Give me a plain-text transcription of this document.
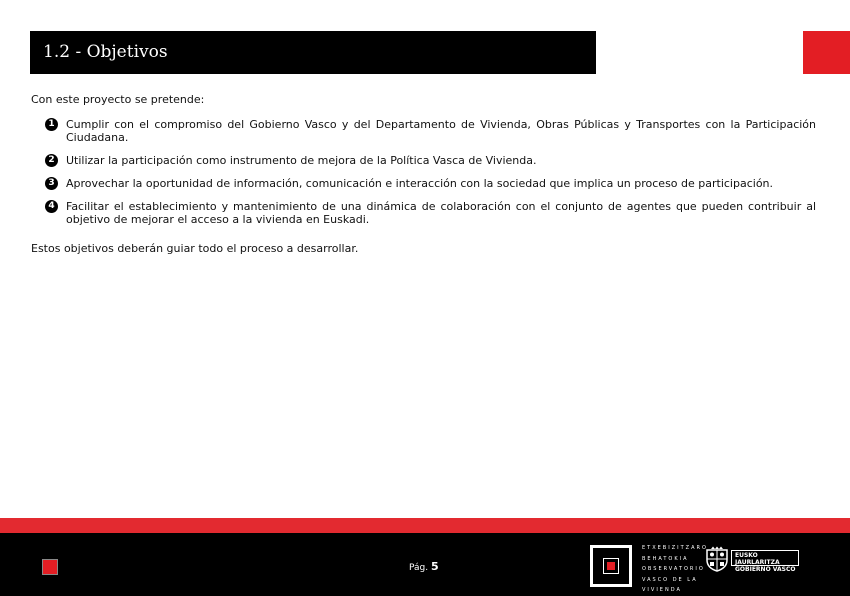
1.2 - Objetivos

Con este proyecto se pretende:

1	Cumplir con el compromiso del Gobierno Vasco y del Departamento de Vivienda, Obras Públicas y Transportes con la Participación Ciudadana.
2	Utilizar la participación como instrumento de mejora de la Política Vasca de Vivienda.
3	Aprovechar la oportunidad de información, comunicación e interacción con la sociedad que implica un proceso de participación.
4	Facilitar el establecimiento y mantenimiento de una dinámica de colaboración con el conjunto de agentes que pueden contribuir al objetivo de mejorar el acceso a la vivienda en Euskadi.

Estos objetivos deberán guiar todo el proceso a desarrollar.

Pág. 5
ETXEBIZITZARO
BEHATOKIA
OBSERVATORIO
VASCO DE LA
VIVIENDA
EUSKO JAURLARITZA
GOBIERNO VASCO
